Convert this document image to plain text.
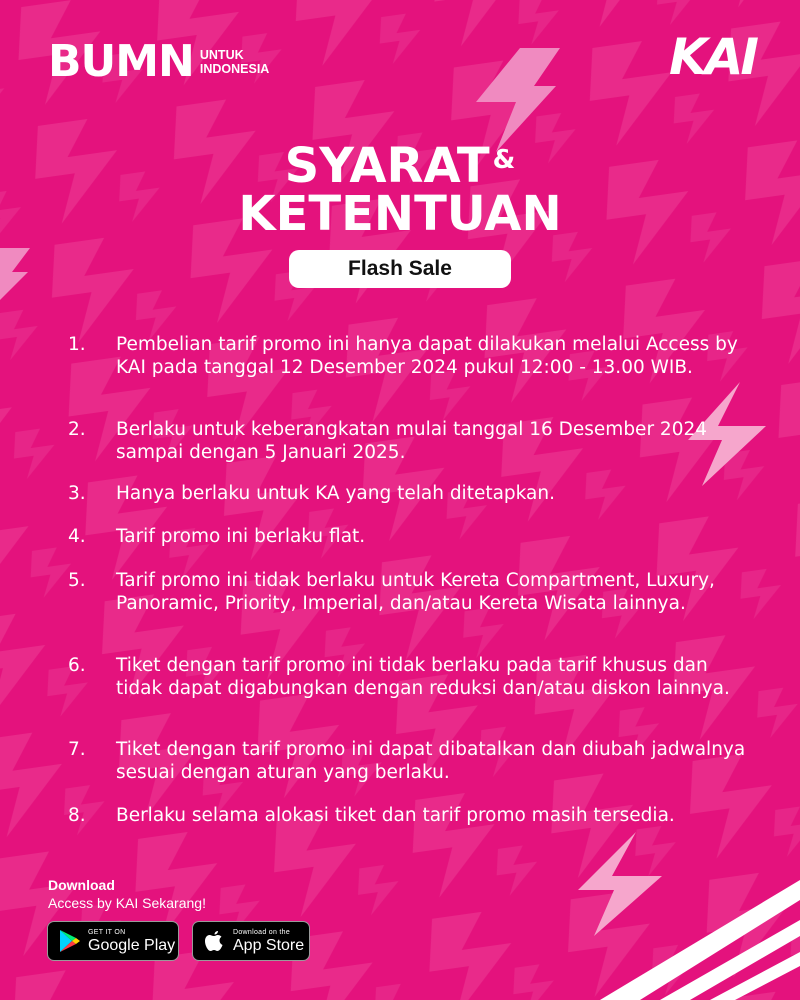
BUMN UNTUK
INDONESIA	KAI
SYARAT &
KETENTUAN
Flash Sale
1.	Pembelian tarif promo ini hanya dapat dilakukan melalui Access by KAI pada tanggal 12 Desember 2024 pukul 12:00 - 13.00 WIB.
2.	Berlaku untuk keberangkatan mulai tanggal 16 Desember 2024 sampai dengan 5 Januari 2025.
3.	Hanya berlaku untuk KA yang telah ditetapkan.
4.	Tarif promo ini berlaku flat.
5.	Tarif promo ini tidak berlaku untuk Kereta Compartment, Luxury, Panoramic, Priority, Imperial, dan/atau Kereta Wisata lainnya.
6.	Tiket dengan tarif promo ini tidak berlaku pada tarif khusus dan tidak dapat digabungkan dengan reduksi dan/atau diskon lainnya.
7.	Tiket dengan tarif promo ini dapat dibatalkan dan diubah jadwalnya sesuai dengan aturan yang berlaku.
8.	Berlaku selama alokasi tiket dan tarif promo masih tersedia.
Download
Access by KAI Sekarang!
GET IT ON
Google Play
Download on the
App Store
